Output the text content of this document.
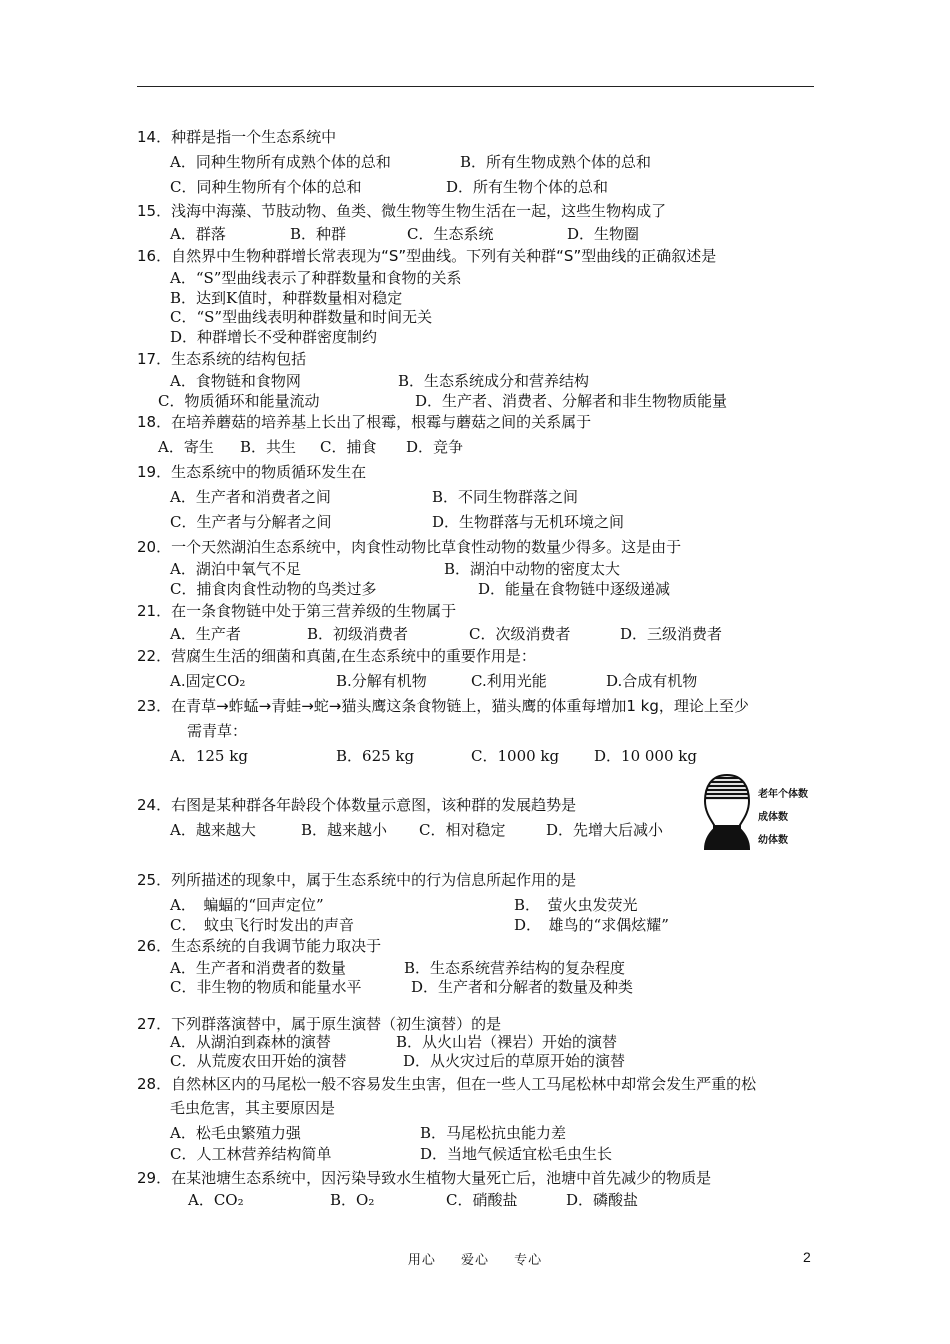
14．种群是指一个生态系统中
A．同种生物所有成熟个体的总和	B．所有生物成熟个体的总和
C．同种生物所有个体的总和	D．所有生物个体的总和
15．浅海中海藻、节肢动物、鱼类、微生物等生物生活在一起，这些生物构成了
A．群落	B．种群	C．生态系统	D．生物圈
16．自然界中生物种群增长常表现为“S”型曲线。下列有关种群“S”型曲线的正确叙述是
A．“S”型曲线表示了种群数量和食物的关系
B．达到K值时，种群数量相对稳定
C．“S”型曲线表明种群数量和时间无关
D．种群增长不受种群密度制约
17．生态系统的结构包括
A．食物链和食物网	B．生态系统成分和营养结构
C．物质循环和能量流动	D．生产者、消费者、分解者和非生物物质能量
18．在培养蘑菇的培养基上长出了根霉，根霉与蘑菇之间的关系属于
A．寄生 B．共生 C．捕食 D．竞争
19．生态系统中的物质循环发生在
A．生产者和消费者之间	B．不同生物群落之间
C．生产者与分解者之间	D．生物群落与无机环境之间
20．一个天然湖泊生态系统中，肉食性动物比草食性动物的数量少得多。这是由于
A．湖泊中氧气不足	B．湖泊中动物的密度太大
C．捕食肉食性动物的鸟类过多	D．能量在食物链中逐级递减
21．在一条食物链中处于第三营养级的生物属于
A．生产者	B．初级消费者	C．次级消费者	D．三级消费者
22．营腐生生活的细菌和真菌,在生态系统中的重要作用是：
A.固定CO₂	B.分解有机物	C.利用光能	D.合成有机物
23．在青草→蚱蜢→青蛙→蛇→猫头鹰这条食物链上，猫头鹰的体重每增加1 kg，理论上至少
需青草：
A．125 kg	B．625 kg	C．1000 kg D．10 000 kg
24．右图是某种群各年龄段个体数量示意图，该种群的发展趋势是
A．越来越大	B．越来越小 C．相对稳定	D．先增大后减小
25．列所描述的现象中，属于生态系统中的行为信息所起作用的是
A．　蝙蝠的“回声定位”	B．　萤火虫发荧光
C．　蚊虫飞行时发出的声音	D．　雄鸟的“求偶炫耀”
26．生态系统的自我调节能力取决于
A．生产者和消费者的数量	B．生态系统营养结构的复杂程度
C．非生物的物质和能量水平	D．生产者和分解者的数量及种类
27．下列群落演替中，属于原生演替（初生演替）的是
A．从湖泊到森林的演替	B．从火山岩（裸岩）开始的演替
C．从荒废农田开始的演替	D．从火灾过后的草原开始的演替
28．自然林区内的马尾松一般不容易发生虫害，但在一些人工马尾松林中却常会发生严重的松
毛虫危害，其主要原因是
A．松毛虫繁殖力强	B．马尾松抗虫能力差
C．人工林营养结构简单	D．当地气候适宜松毛虫生长
29．在某池塘生态系统中，因污染导致水生植物大量死亡后，池塘中首先减少的物质是
A．CO₂	B．O₂	C．硝酸盐	D．磷酸盐
老年个体数
成体数
幼体数
用心 爱心 专心	2
